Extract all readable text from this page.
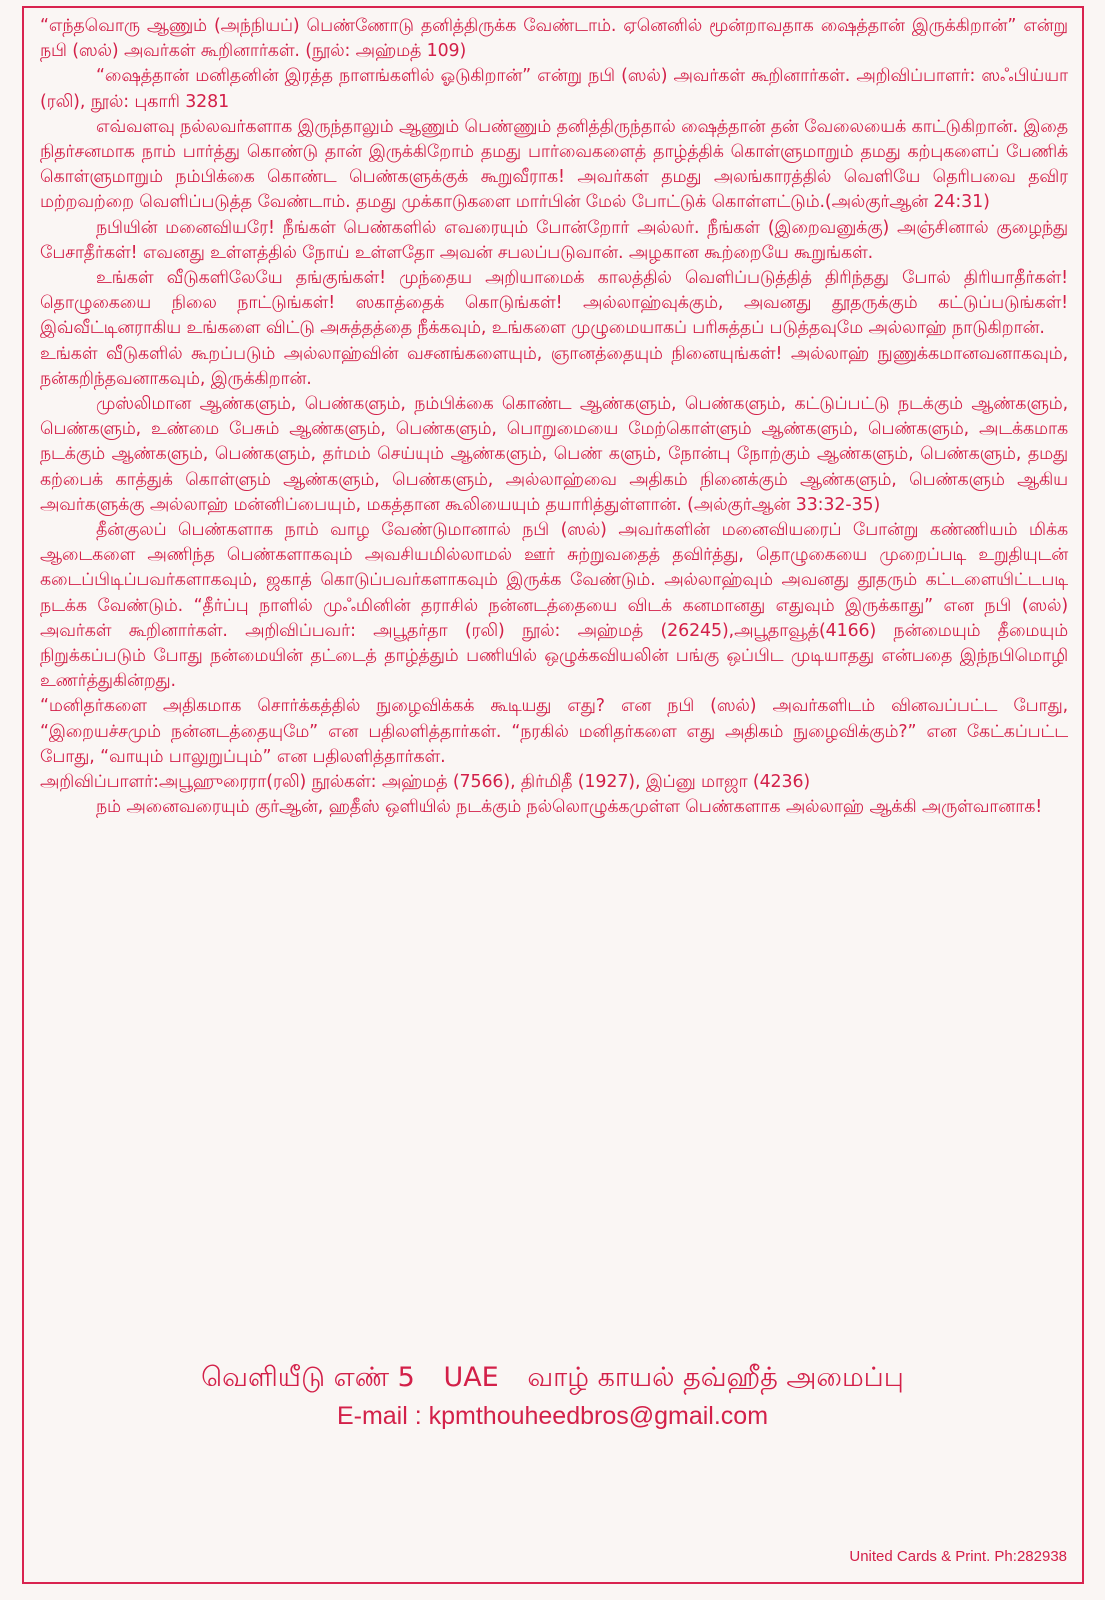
“எந்தவொரு ஆணும் (அந்நியப்) பெண்ணோடு தனித்திருக்க வேண்டாம். ஏனெனில் மூன்றாவதாக ஷைத்தான் இருக்கிறான்” என்று நபி (ஸல்) அவர்கள் கூறினார்கள். (நூல்: அஹ்மத் 109)

“ஷைத்தான் மனிதனின் இரத்த நாளங்களில் ஓடுகிறான்” என்று நபி (ஸல்) அவர்கள் கூறினார்கள். அறிவிப்பாளர்: ஸஃபிய்யா (ரலி), நூல்: புகாரி 3281

எவ்வளவு நல்லவர்களாக இருந்தாலும் ஆணும் பெண்ணும் தனித்திருந்தால் ஷைத்தான் தன் வேலையைக் காட்டுகிறான். இதை நிதர்சனமாக நாம் பார்த்து கொண்டு தான் இருக்கிறோம் தமது பார்வைகளைத் தாழ்த்திக் கொள்ளுமாறும் தமது கற்புகளைப் பேணிக் கொள்ளுமாறும் நம்பிக்கை கொண்ட பெண்களுக்குக் கூறுவீராக! அவர்கள் தமது அலங்காரத்தில் வெளியே தெரிபவை தவிர மற்றவற்றை வெளிப்படுத்த வேண்டாம். தமது முக்காடுகளை மார்பின் மேல் போட்டுக் கொள்ளட்டும்.(அல்குர்ஆன் 24:31)

நபியின் மனைவியரே! நீங்கள் பெண்களில் எவரையும் போன்றோர் அல்லர். நீங்கள் (இறைவனுக்கு) அஞ்சினால் குழைந்து பேசாதீர்கள்! எவனது உள்ளத்தில் நோய் உள்ளதோ அவன் சபலப்படுவான். அழகான கூற்றையே கூறுங்கள்.

உங்கள் வீடுகளிலேயே தங்குங்கள்! முந்தைய அறியாமைக் காலத்தில் வெளிப்படுத்தித் திரிந்தது போல் திரியாதீர்கள்! தொழுகையை நிலை நாட்டுங்கள்! ஸகாத்தைக் கொடுங்கள்! அல்லாஹ்வுக்கும், அவனது தூதருக்கும் கட்டுப்படுங்கள்! இவ்வீட்டினராகிய உங்களை விட்டு அசுத்தத்தை நீக்கவும், உங்களை முழுமையாகப் பரிசுத்தப் படுத்தவுமே அல்லாஹ் நாடுகிறான்.

உங்கள் வீடுகளில் கூறப்படும் அல்லாஹ்வின் வசனங்களையும், ஞானத்தையும் நினையுங்கள்! அல்லாஹ் நுணுக்கமானவனாகவும், நன்கறிந்தவனாகவும், இருக்கிறான்.

முஸ்லிமான ஆண்களும், பெண்களும், நம்பிக்கை கொண்ட ஆண்களும், பெண்களும், கட்டுப்பட்டு நடக்கும் ஆண்களும், பெண்களும், உண்மை பேசும் ஆண்களும், பெண்களும், பொறுமையை மேற்கொள்ளும் ஆண்களும், பெண்களும், அடக்கமாக நடக்கும் ஆண்களும், பெண்களும், தர்மம் செய்யும் ஆண்களும், பெண் களும், நோன்பு நோற்கும் ஆண்களும், பெண்களும், தமது கற்பைக் காத்துக் கொள்ளும் ஆண்களும், பெண்களும், அல்லாஹ்வை அதிகம் நினைக்கும் ஆண்களும், பெண்களும் ஆகிய அவர்களுக்கு அல்லாஹ் மன்னிப்பையும், மகத்தான கூலியையும் தயாரித்துள்ளான். (அல்குர்ஆன் 33:32-35)

தீன்குலப் பெண்களாக நாம் வாழ வேண்டுமானால் நபி (ஸல்) அவர்களின் மனைவியரைப் போன்று கண்ணியம் மிக்க ஆடைகளை அணிந்த பெண்களாகவும் அவசியமில்லாமல் ஊர் சுற்றுவதைத் தவிர்த்து, தொழுகையை முறைப்படி உறுதியுடன் கடைப்பிடிப்பவர்களாகவும், ஜகாத் கொடுப்பவர்களாகவும் இருக்க வேண்டும். அல்லாஹ்வும் அவனது தூதரும் கட்டளையிட்டபடி நடக்க வேண்டும். “தீர்ப்பு நாளில் முஃமினின் தராசில் நன்னடத்தையை விடக் கனமானது எதுவும் இருக்காது” என நபி (ஸல்) அவர்கள் கூறினார்கள். அறிவிப்பவர்: அபூதர்தா (ரலி) நூல்: அஹ்மத் (26245),அபூதாவூத்(4166) நன்மையும் தீமையும் நிறுக்கப்படும் போது நன்மையின் தட்டைத் தாழ்த்தும் பணியில் ஒழுக்கவியலின் பங்கு ஒப்பிட முடியாதது என்பதை இந்நபிமொழி உணர்த்துகின்றது.

“மனிதர்களை அதிகமாக சொர்க்கத்தில் நுழைவிக்கக் கூடியது எது? என நபி (ஸல்) அவர்களிடம் வினவப்பட்ட போது, “இறையச்சமும் நன்னடத்தையுமே” என பதிலளித்தார்கள். “நரகில் மனிதர்களை எது அதிகம் நுழைவிக்கும்?” என கேட்கப்பட்ட போது, “வாயும் பாலுறுப்பும்” என பதிலளித்தார்கள்.

அறிவிப்பாளர்:அபூஹுரைரா(ரலி) நூல்கள்: அஹ்மத் (7566), திர்மிதீ (1927), இப்னு மாஜா (4236)

நம் அனைவரையும் குர்ஆன், ஹதீஸ் ஒளியில் நடக்கும் நல்லொழுக்கமுள்ள பெண்களாக அல்லாஹ் ஆக்கி அருள்வானாக!

வெளியீடு எண் 5 UAE வாழ் காயல் தவ்ஹீத் அமைப்பு
E-mail : kpmthouheedbros@gmail.com
United Cards & Print. Ph:282938
